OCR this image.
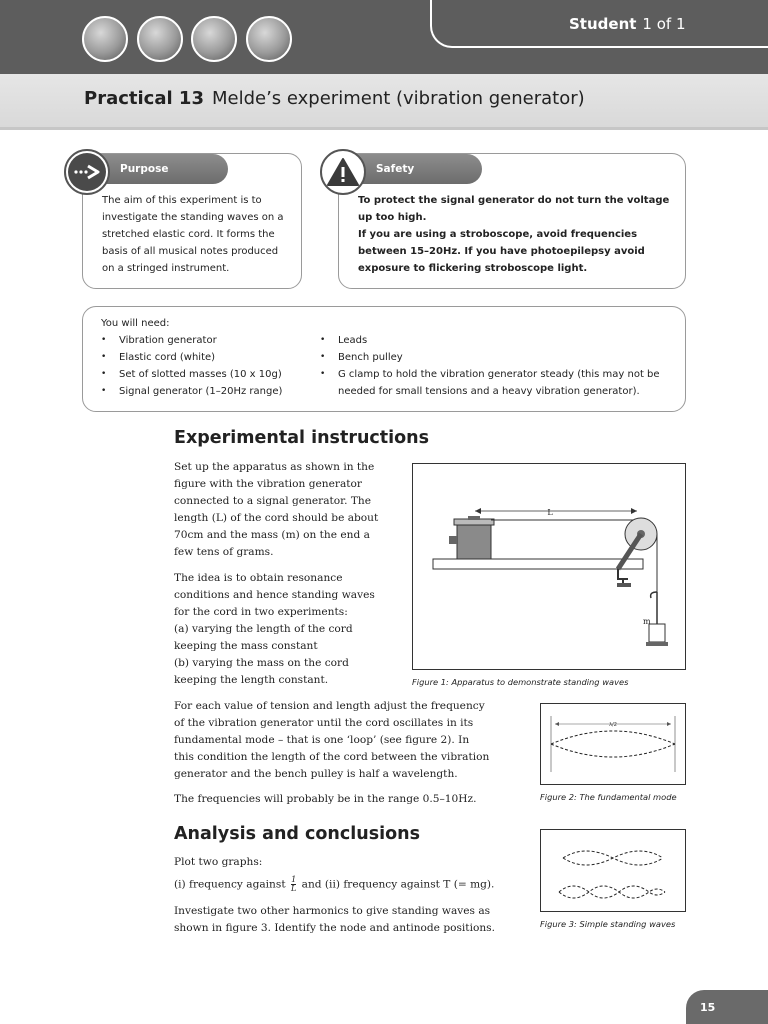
Student 1 of 1
Practical 13 Melde’s experiment (vibration generator)
Purpose
The aim of this experiment is to
investigate the standing waves on a
stretched elastic cord. It forms the
basis of all musical notes produced
on a stringed instrument.
Safety
To protect the signal generator do not turn the voltage
up too high.
If you are using a stroboscope, avoid frequencies
between 15–20Hz. If you have photoepilepsy avoid
exposure to flickering stroboscope light.
You will need:
• Vibration generator
• Elastic cord (white)
• Set of slotted masses (10 x 10g)
• Signal generator (1–20Hz range)
• Leads
• Bench pulley
• G clamp to hold the vibration generator steady (this may not be
needed for small tensions and a heavy vibration generator).
Experimental instructions
Set up the apparatus as shown in the
figure with the vibration generator
connected to a signal generator. The
length (L) of the cord should be about
70cm and the mass (m) on the end a
few tens of grams.
The idea is to obtain resonance
conditions and hence standing waves
for the cord in two experiments:
(a) varying the length of the cord
keeping the mass constant
(b) varying the mass on the cord
keeping the length constant.
L
m
Figure 1: Apparatus to demonstrate standing waves
For each value of tension and length adjust the frequency
of the vibration generator until the cord oscillates in its
fundamental mode – that is one ‘loop’ (see figure 2). In
this condition the length of the cord between the vibration
generator and the bench pulley is half a wavelength.
The frequencies will probably be in the range 0.5–10Hz.
λ/2
Figure 2: The fundamental mode
Analysis and conclusions
Plot two graphs:
(i) frequency against $\frac{1}{L}$ and (ii) frequency against T (= mg).
Investigate two other harmonics to give standing waves as
shown in figure 3. Identify the node and antinode positions.	Figure 3: Simple standing waves
15
